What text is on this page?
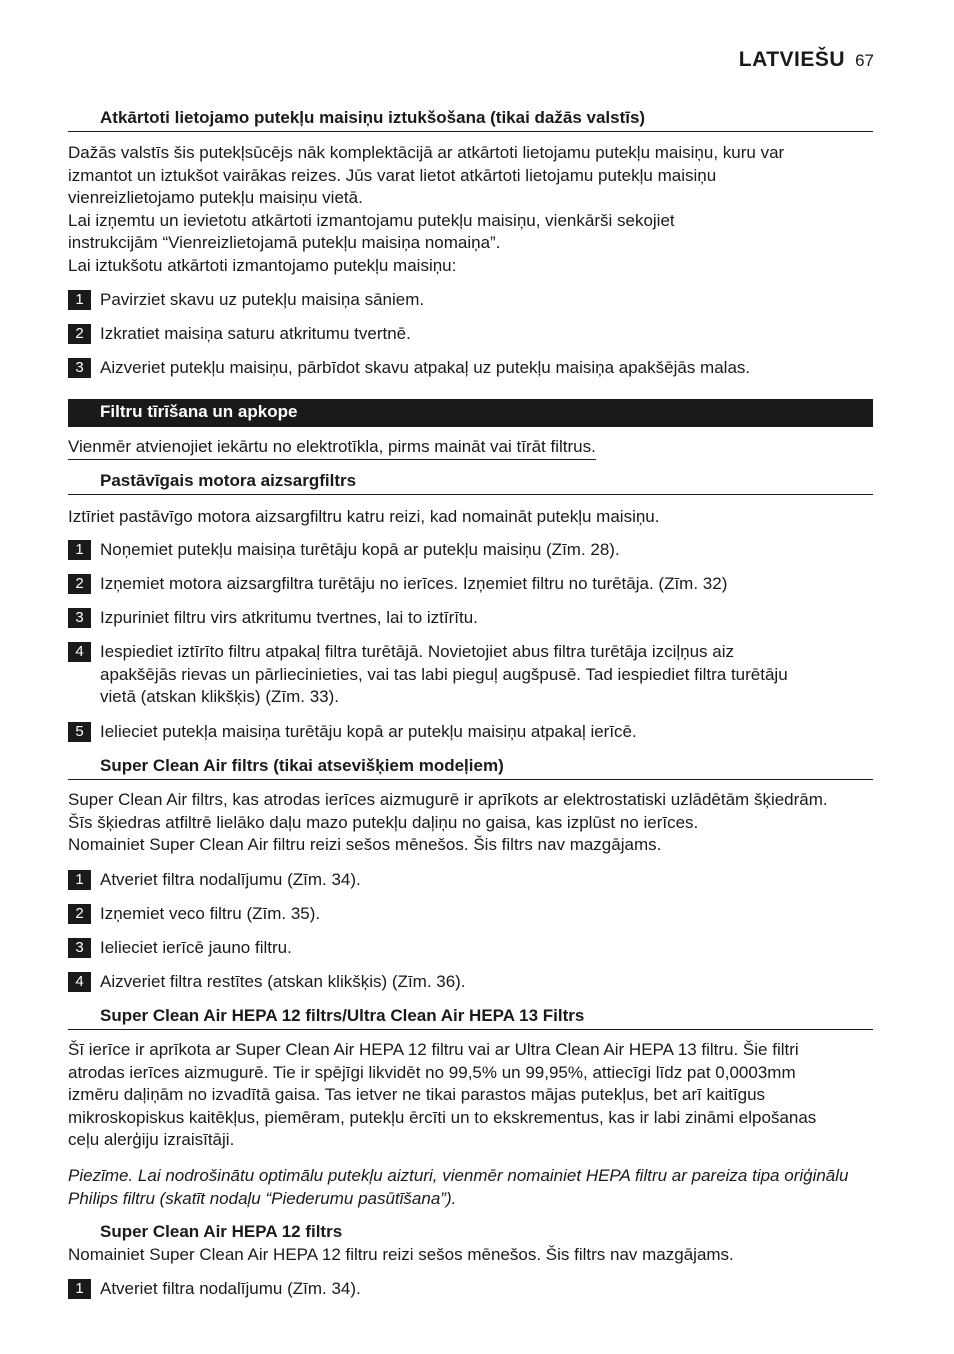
LATVIEŠU 67
Atkārtoti lietojamo putekļu maisiņu iztukšošana (tikai dažās valstīs)
Dažās valstīs šis putekļsūcējs nāk komplektācijā ar atkārtoti lietojamu putekļu maisiņu, kuru var
izmantot un iztukšot vairākas reizes. Jūs varat lietot atkārtoti lietojamu putekļu maisiņu
vienreizlietojamo putekļu maisiņu vietā.
Lai izņemtu un ievietotu atkārtoti izmantojamu putekļu maisiņu, vienkārši sekojiet
instrukcijām “Vienreizlietojamā putekļu maisiņa nomaiņa”.
Lai iztukšotu atkārtoti izmantojamo putekļu maisiņu:
1 Pavirziet skavu uz putekļu maisiņa sāniem.
2 Izkratiet maisiņa saturu atkritumu tvertnē.
3 Aizveriet putekļu maisiņu, pārbīdot skavu atpakaļ uz putekļu maisiņa apakšējās malas.
Filtru tīrīšana un apkope
Vienmēr atvienojiet iekārtu no elektrotīkla, pirms maināt vai tīrāt filtrus.
Pastāvīgais motora aizsargfiltrs
Iztīriet pastāvīgo motora aizsargfiltru katru reizi, kad nomaināt putekļu maisiņu.
1 Noņemiet putekļu maisiņa turētāju kopā ar putekļu maisiņu (Zīm. 28).
2 Izņemiet motora aizsargfiltra turētāju no ierīces. Izņemiet filtru no turētāja. (Zīm. 32)
3 Izpuriniet filtru virs atkritumu tvertnes, lai to iztīrītu.
4 Iespiediet iztīrīto filtru atpakaļ filtra turētājā. Novietojiet abus filtra turētāja izciļņus aiz
apakšējās rievas un pārliecinieties, vai tas labi pieguļ augšpusē. Tad iespiediet filtra turētāju
vietā (atskan klikšķis) (Zīm. 33).
5 Ielieciet putekļa maisiņa turētāju kopā ar putekļu maisiņu atpakaļ ierīcē.
Super Clean Air filtrs (tikai atsevišķiem modeļiem)
Super Clean Air filtrs, kas atrodas ierīces aizmugurē ir aprīkots ar elektrostatiski uzlādētām šķiedrām.
Šīs šķiedras atfiltrē lielāko daļu mazo putekļu daļiņu no gaisa, kas izplūst no ierīces.
Nomainiet Super Clean Air filtru reizi sešos mēnešos. Šis filtrs nav mazgājams.
1 Atveriet filtra nodalījumu (Zīm. 34).
2 Izņemiet veco filtru (Zīm. 35).
3 Ielieciet ierīcē jauno filtru.
4 Aizveriet filtra restītes (atskan klikšķis) (Zīm. 36).
Super Clean Air HEPA 12 filtrs/Ultra Clean Air HEPA 13 Filtrs
Šī ierīce ir aprīkota ar Super Clean Air HEPA 12 filtru vai ar Ultra Clean Air HEPA 13 filtru. Šie filtri
atrodas ierīces aizmugurē. Tie ir spējīgi likvidēt no 99,5% un 99,95%, attiecīgi līdz pat 0,0003mm
izmēru daļiņām no izvadītā gaisa. Tas ietver ne tikai parastos mājas putekļus, bet arī kaitīgus
mikroskopiskus kaitēkļus, piemēram, putekļu ērcīti un to ekskrementus, kas ir labi zināmi elpošanas
ceļu alerģiju izraisītāji.
Piezīme. Lai nodrošinātu optimālu putekļu aizturi, vienmēr nomainiet HEPA filtru ar pareiza tipa oriģinālu
Philips filtru (skatīt nodaļu “Piederumu pasūtīšana”).
Super Clean Air HEPA 12 filtrs
Nomainiet Super Clean Air HEPA 12 filtru reizi sešos mēnešos. Šis filtrs nav mazgājams.
1 Atveriet filtra nodalījumu (Zīm. 34).
